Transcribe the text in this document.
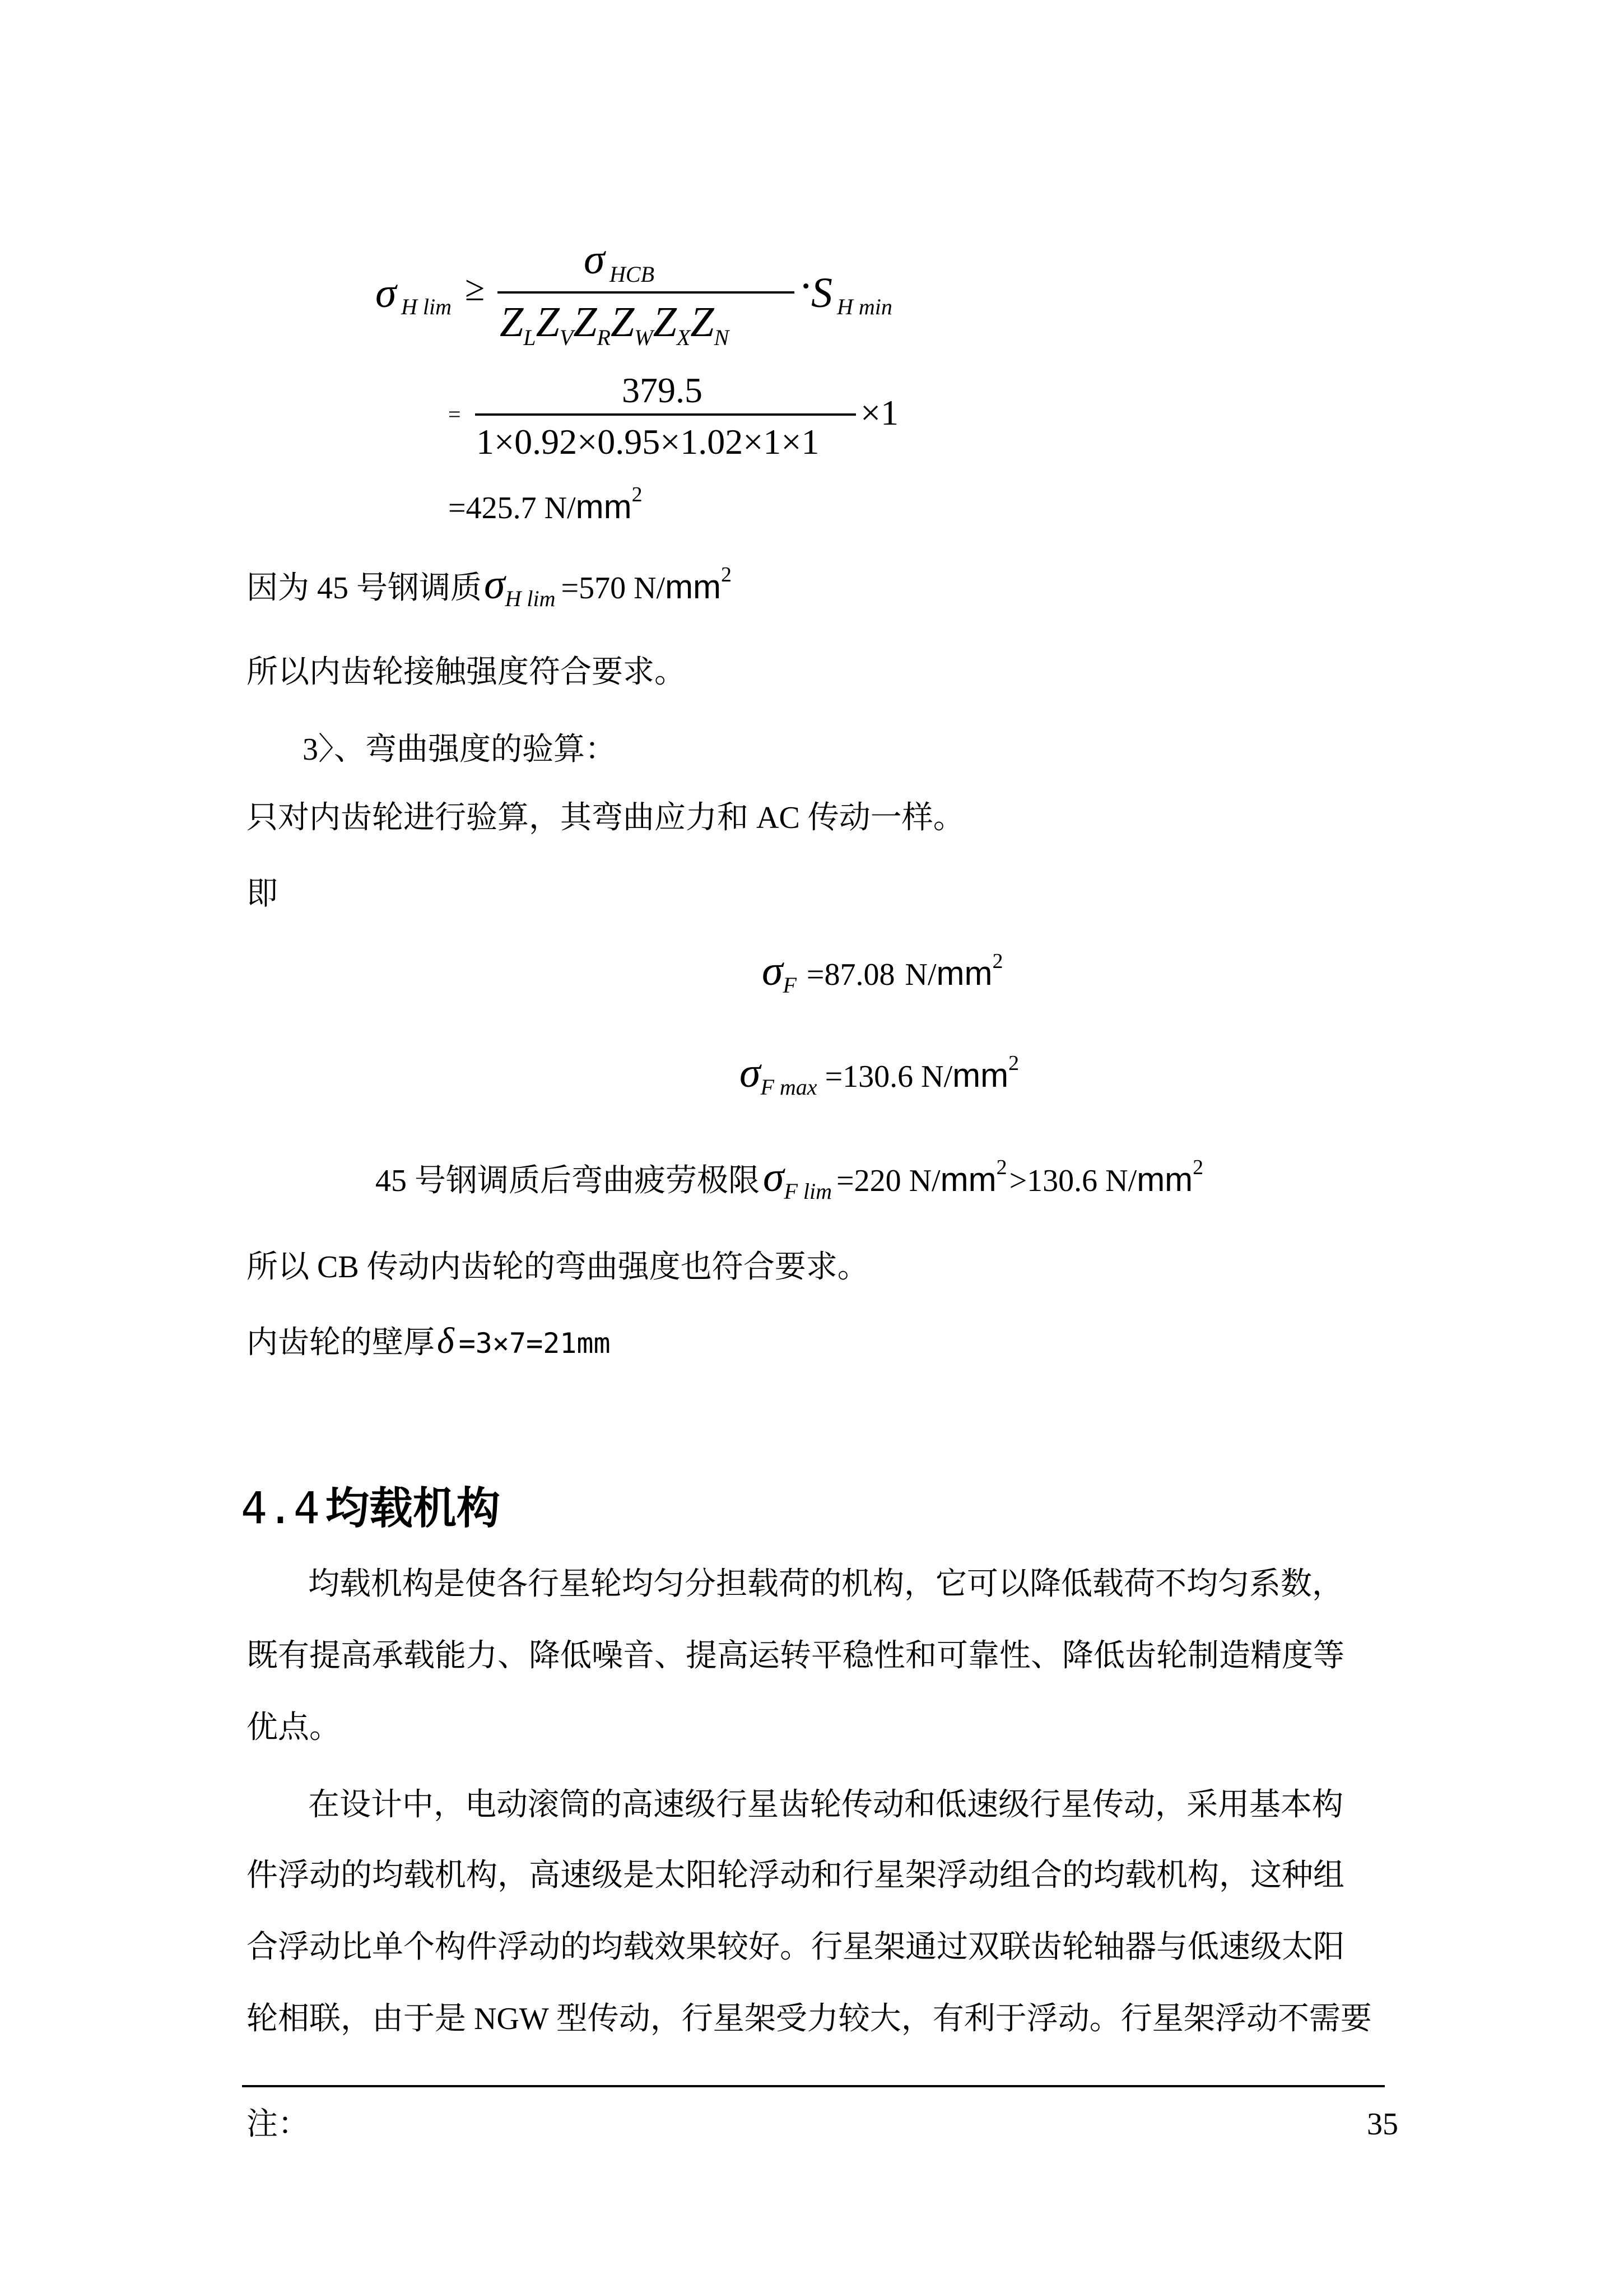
σ H lim ≥
σ HCB
$Z_LZ_VZ_RZ_WZ_XZ_N$
·
S H min
=
379.5
1×0.92×0.95×1.02×1×1
×1
=425.7 N/mm2
因为 45 号钢调质σH lim =570 N/mm2
所以内齿轮接触强度符合要求。
3〉、弯曲强度的验算：
只对内齿轮进行验算，其弯曲应力和 AC 传动一样。
即
σF =87.08 N/mm2
σF max =130.6 N/mm2
45 号钢调质后弯曲疲劳极限σF lim =220 N/mm2>130.6 N/mm2
所以 CB 传动内齿轮的弯曲强度也符合要求。
内齿轮的壁厚δ =3×7=21mm
4.4 均载机构
均载机构是使各行星轮均匀分担载荷的机构，它可以降低载荷不均匀系数，
既有提高承载能力、降低噪音、提高运转平稳性和可靠性、降低齿轮制造精度等
优点。
在设计中，电动滚筒的高速级行星齿轮传动和低速级行星传动，采用基本构
件浮动的均载机构，高速级是太阳轮浮动和行星架浮动组合的均载机构，这种组
合浮动比单个构件浮动的均载效果较好。行星架通过双联齿轮轴器与低速级太阳
轮相联，由于是 NGW 型传动，行星架受力较大，有利于浮动。行星架浮动不需要
注：	35
